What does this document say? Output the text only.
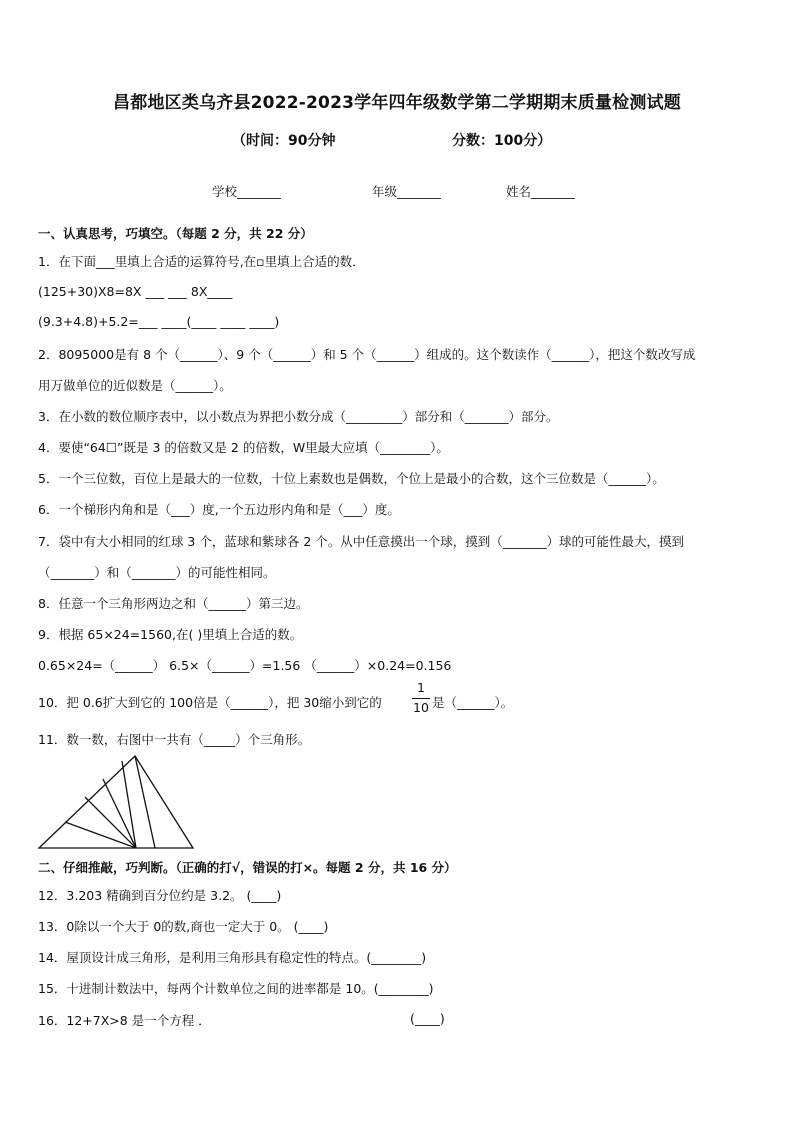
昌都地区类乌齐县2022-2023学年四年级数学第二学期期末质量检测试题
（时间：90分钟	分数：100分）
学校_______	年级_______	姓名_______
一、认真思考，巧填空。（每题 2 分，共 22 分）
1．在下面___里填上合适的运算符号,在▫里填上合适的数．
(125+30)X8=8X ___ ___ 8X____
(9.3+4.8)+5.2=___ ____(____ ____ ____)
2．8095000是有 8 个（______）、9 个（______）和 5 个（______）组成的。这个数读作（______），把这个数改写成
用万做单位的近似数是（______）。
3．在小数的数位顺序表中，以小数点为界把小数分成（_________）部分和（_______）部分。
4．要使“64☐”既是 3 的倍数又是 2 的倍数，W里最大应填（________）。
5．一个三位数，百位上是最大的一位数，十位上素数也是偶数，个位上是最小的合数，这个三位数是（______）。
6．一个梯形内角和是（___）度,一个五边形内角和是（___）度。
7．袋中有大小相同的红球 3 个，蓝球和紫球各 2 个。从中任意摸出一个球，摸到（_______）球的可能性最大，摸到
（_______）和（_______）的可能性相同。
8．任意一个三角形两边之和（______）第三边。
9．根据 65×24=1560,在( )里填上合适的数。
0.65×24=（______） 6.5×（______）=1.56 （______）×0.24=0.156
10．把 0.6扩大到它的 100倍是（______），把 30缩小到它的 $\frac{1}{10}$ 是（______）。
11．数一数，右图中一共有（_____）个三角形。
二、仔细推敲，巧判断。（正确的打√，错误的打×。每题 2 分，共 16 分）
12．3.203 精确到百分位约是 3.2。 (____)
13．0除以一个大于 0的数,商也一定大于 0。 (____)
14．屋顶设计成三角形，是利用三角形具有稳定性的特点。(________)
15．十进制计数法中，每两个计数单位之间的进率都是 10。(________)
16．12+7X>8 是一个方程 ．	(____)
